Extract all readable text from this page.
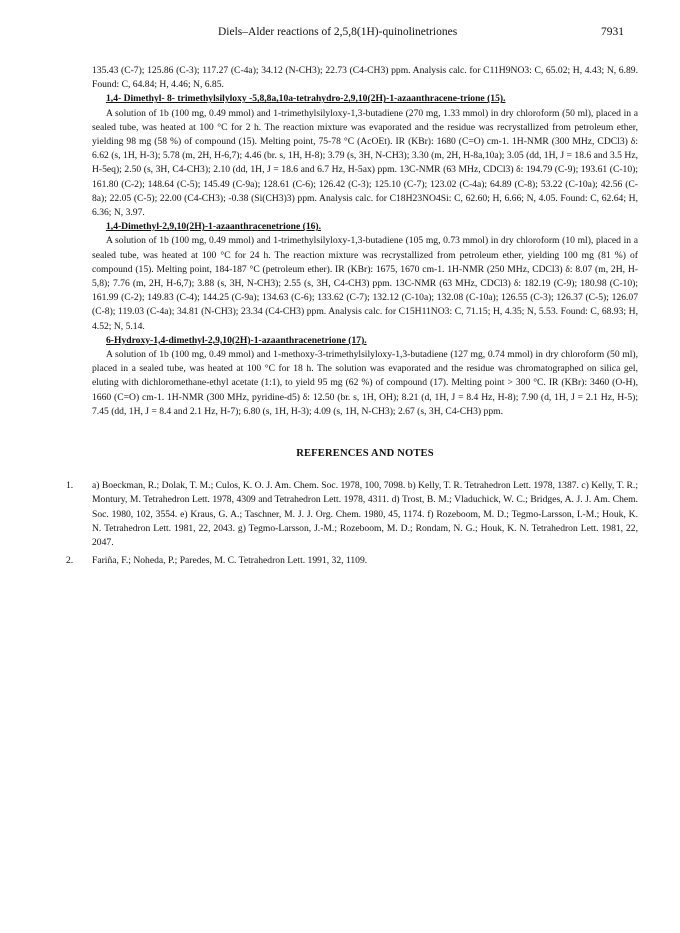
Diels–Alder reactions of 2,5,8(1H)-quinolinetriones	7931

135.43 (C-7); 125.86 (C-3); 117.27 (C-4a); 34.12 (N-CH3); 22.73 (C4-CH3) ppm. Analysis calc. for C11H9NO3: C, 65.02; H, 4.43; N, 6.89. Found: C, 64.84; H, 4.46; N, 6.85.

1,4- Dimethyl- 8- trimethylsilyloxy -5,8,8a,10a-tetrahydro-2,9,10(2H)-1-azaanthracene-trione (15).

A solution of 1b (100 mg, 0.49 mmol) and 1-trimethylsilyloxy-1,3-butadiene (270 mg, 1.33 mmol) in dry chloroform (50 ml), placed in a sealed tube, was heated at 100 °C for 2 h. The reaction mixture was evaporated and the residue was recrystallized from petroleum ether, yielding 98 mg (58 %) of compound (15). Melting point, 75-78 °C (AcOEt). IR (KBr): 1680 (C=O) cm-1. 1H-NMR (300 MHz, CDCl3) δ: 6.62 (s, 1H, H-3); 5.78 (m, 2H, H-6,7); 4.46 (br. s, 1H, H-8); 3.79 (s, 3H, N-CH3); 3.30 (m, 2H, H-8a,10a); 3.05 (dd, 1H, J = 18.6 and 3.5 Hz, H-5eq); 2.50 (s, 3H, C4-CH3); 2.10 (dd, 1H, J = 18.6 and 6.7 Hz, H-5ax) ppm. 13C-NMR (63 MHz, CDCl3) δ: 194.79 (C-9); 193.61 (C-10); 161.80 (C-2); 148.64 (C-5); 145.49 (C-9a); 128.61 (C-6); 126.42 (C-3); 125.10 (C-7); 123.02 (C-4a); 64.89 (C-8); 53.22 (C-10a); 42.56 (C-8a); 22.05 (C-5); 22.00 (C4-CH3); -0.38 (Si(CH3)3) ppm. Analysis calc. for C18H23NO4Si: C, 62.60; H, 6.66; N, 4.05. Found: C, 62.64; H, 6.36; N, 3.97.

1,4-Dimethyl-2,9,10(2H)-1-azaanthracenetrione (16).

A solution of 1b (100 mg, 0.49 mmol) and 1-trimethylsilyloxy-1,3-butadiene (105 mg, 0.73 mmol) in dry chloroform (10 ml), placed in a sealed tube, was heated at 100 °C for 24 h. The reaction mixture was recrystallized from petroleum ether, yielding 100 mg (81 %) of compound (15). Melting point, 184-187 °C (petroleum ether). IR (KBr): 1675, 1670 cm-1. 1H-NMR (250 MHz, CDCl3) δ: 8.07 (m, 2H, H-5,8); 7.76 (m, 2H, H-6,7); 3.88 (s, 3H, N-CH3); 2.55 (s, 3H, C4-CH3) ppm. 13C-NMR (63 MHz, CDCl3) δ: 182.19 (C-9); 180.98 (C-10); 161.99 (C-2); 149.83 (C-4); 144.25 (C-9a); 134.63 (C-6); 133.62 (C-7); 132.12 (C-10a); 132.08 (C-10a); 126.55 (C-3); 126.37 (C-5); 126.07 (C-8); 119.03 (C-4a); 34.81 (N-CH3); 23.34 (C4-CH3) ppm. Analysis calc. for C15H11NO3: C, 71.15; H, 4.35; N, 5.53. Found: C, 68.93; H, 4.52; N, 5.14.

6-Hydroxy-1,4-dimethyl-2,9,10(2H)-1-azaanthracenetrione (17).

A solution of 1b (100 mg, 0.49 mmol) and 1-methoxy-3-trimethylsilyloxy-1,3-butadiene (127 mg, 0.74 mmol) in dry chloroform (50 ml), placed in a sealed tube, was heated at 100 °C for 18 h. The solution was evaporated and the residue was chromatographed on silica gel, eluting with dichloromethane-ethyl acetate (1:1), to yield 95 mg (62 %) of compound (17). Melting point > 300 °C. IR (KBr): 3460 (O-H), 1660 (C=O) cm-1. 1H-NMR (300 MHz, pyridine-d5) δ: 12.50 (br. s, 1H, OH); 8.21 (d, 1H, J = 8.4 Hz, H-8); 7.90 (d, 1H, J = 2.1 Hz, H-5); 7.45 (dd, 1H, J = 8.4 and 2.1 Hz, H-7); 6.80 (s, 1H, H-3); 4.09 (s, 1H, N-CH3); 2.67 (s, 3H, C4-CH3) ppm.

REFERENCES AND NOTES
1. a) Boeckman, R.; Dolak, T. M.; Culos, K. O. J. Am. Chem. Soc. 1978, 100, 7098. b) Kelly, T. R. Tetrahedron Lett. 1978, 1387. c) Kelly, T. R.; Montury, M. Tetrahedron Lett. 1978, 4309 and Tetrahedron Lett. 1978, 4311. d) Trost, B. M.; Vladuchick, W. C.; Bridges, A. J. J. Am. Chem. Soc. 1980, 102, 3554. e) Kraus, G. A.; Taschner, M. J. J. Org. Chem. 1980, 45, 1174. f) Rozeboom, M. D.; Tegmo-Larsson, I.-M.; Houk, K. N. Tetrahedron Lett. 1981, 22, 2043. g) Tegmo-Larsson, J.-M.; Rozeboom, M. D.; Rondam, N. G.; Houk, K. N. Tetrahedron Lett. 1981, 22, 2047.
2. Fariña, F.; Noheda, P.; Paredes, M. C. Tetrahedron Lett. 1991, 32, 1109.
